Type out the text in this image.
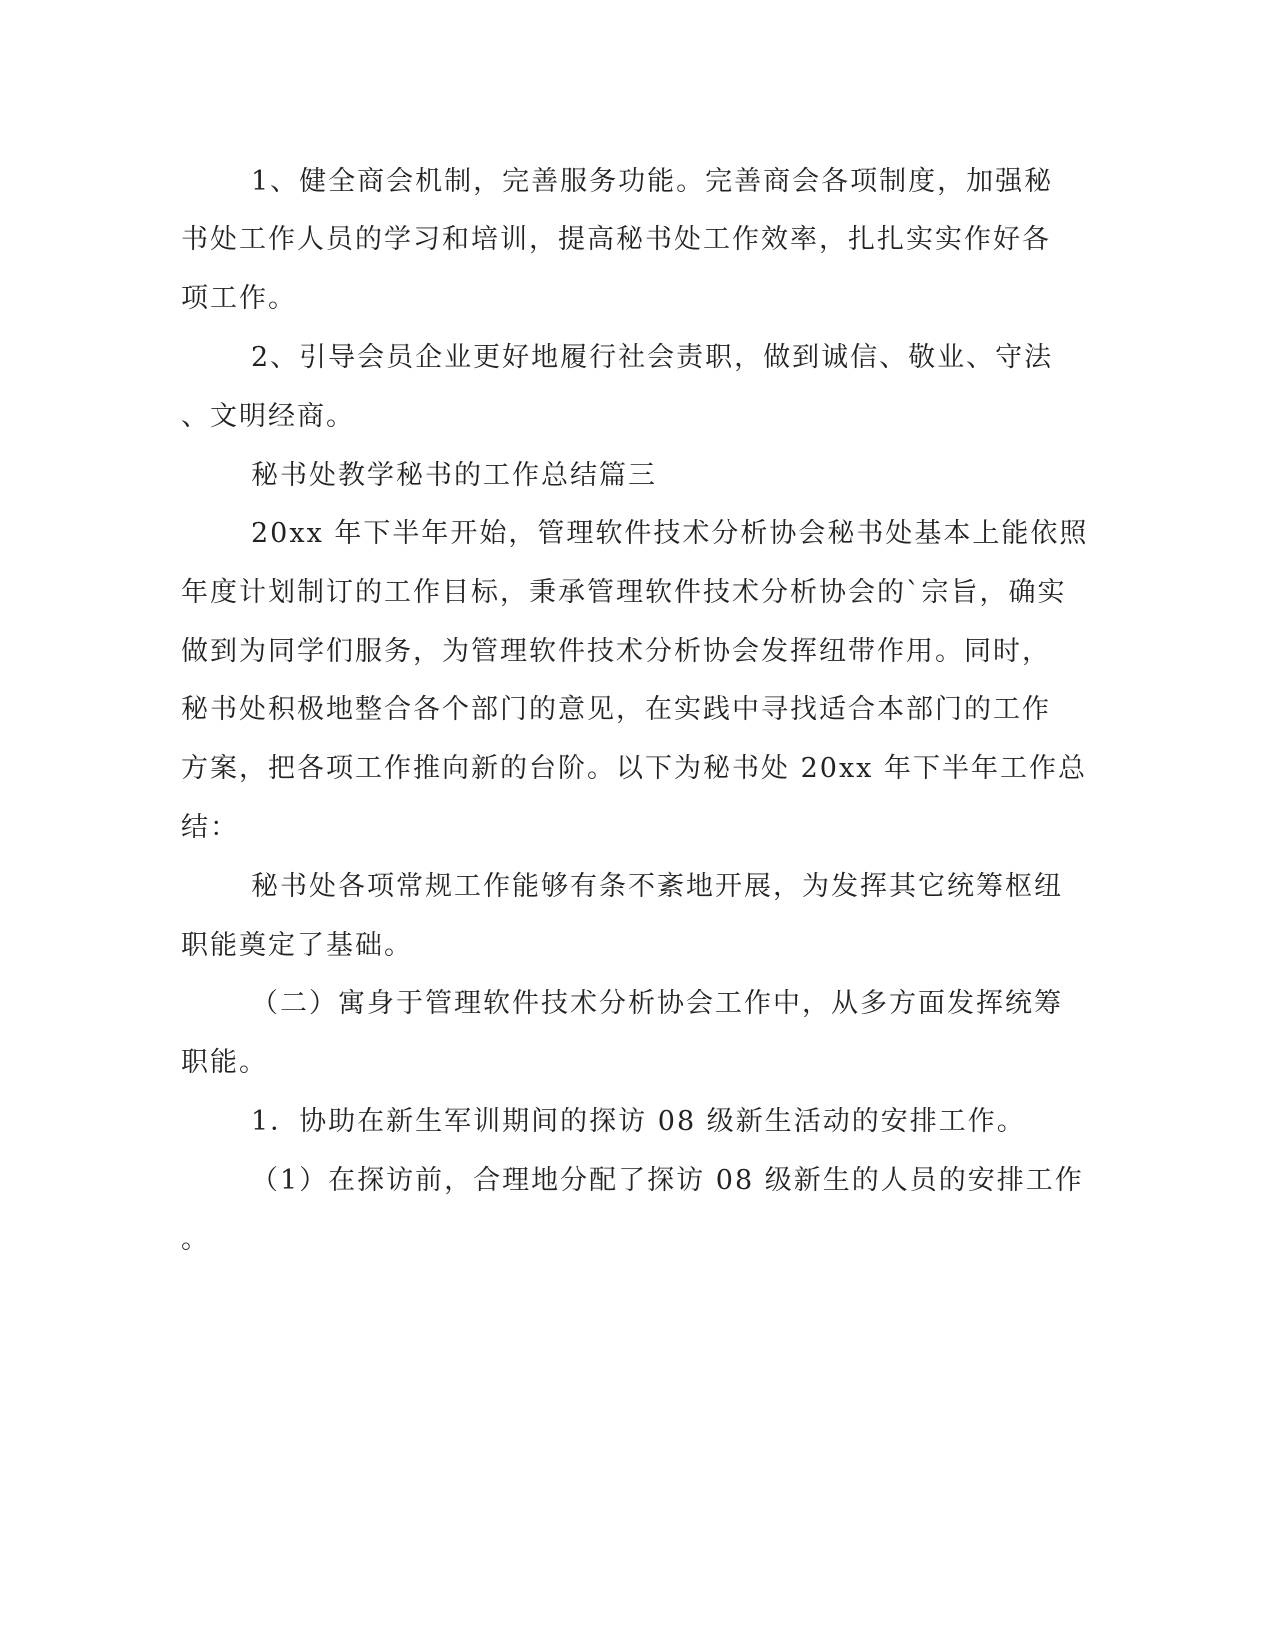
1、健全商会机制，完善服务功能。完善商会各项制度，加强秘
书处工作人员的学习和培训，提高秘书处工作效率，扎扎实实作好各
项工作。
2、引导会员企业更好地履行社会责职，做到诚信、敬业、守法
、文明经商。
秘书处教学秘书的工作总结篇三
20xx 年下半年开始，管理软件技术分析协会秘书处基本上能依照
年度计划制订的工作目标，秉承管理软件技术分析协会的`宗旨，确实
做到为同学们服务，为管理软件技术分析协会发挥纽带作用。同时，
秘书处积极地整合各个部门的意见，在实践中寻找适合本部门的工作
方案，把各项工作推向新的台阶。以下为秘书处 20xx 年下半年工作总
结：
秘书处各项常规工作能够有条不紊地开展，为发挥其它统筹枢纽
职能奠定了基础。
（二）寓身于管理软件技术分析协会工作中，从多方面发挥统筹
职能。
1．协助在新生军训期间的探访 08 级新生活动的安排工作。
（1）在探访前，合理地分配了探访 08 级新生的人员的安排工作
。
